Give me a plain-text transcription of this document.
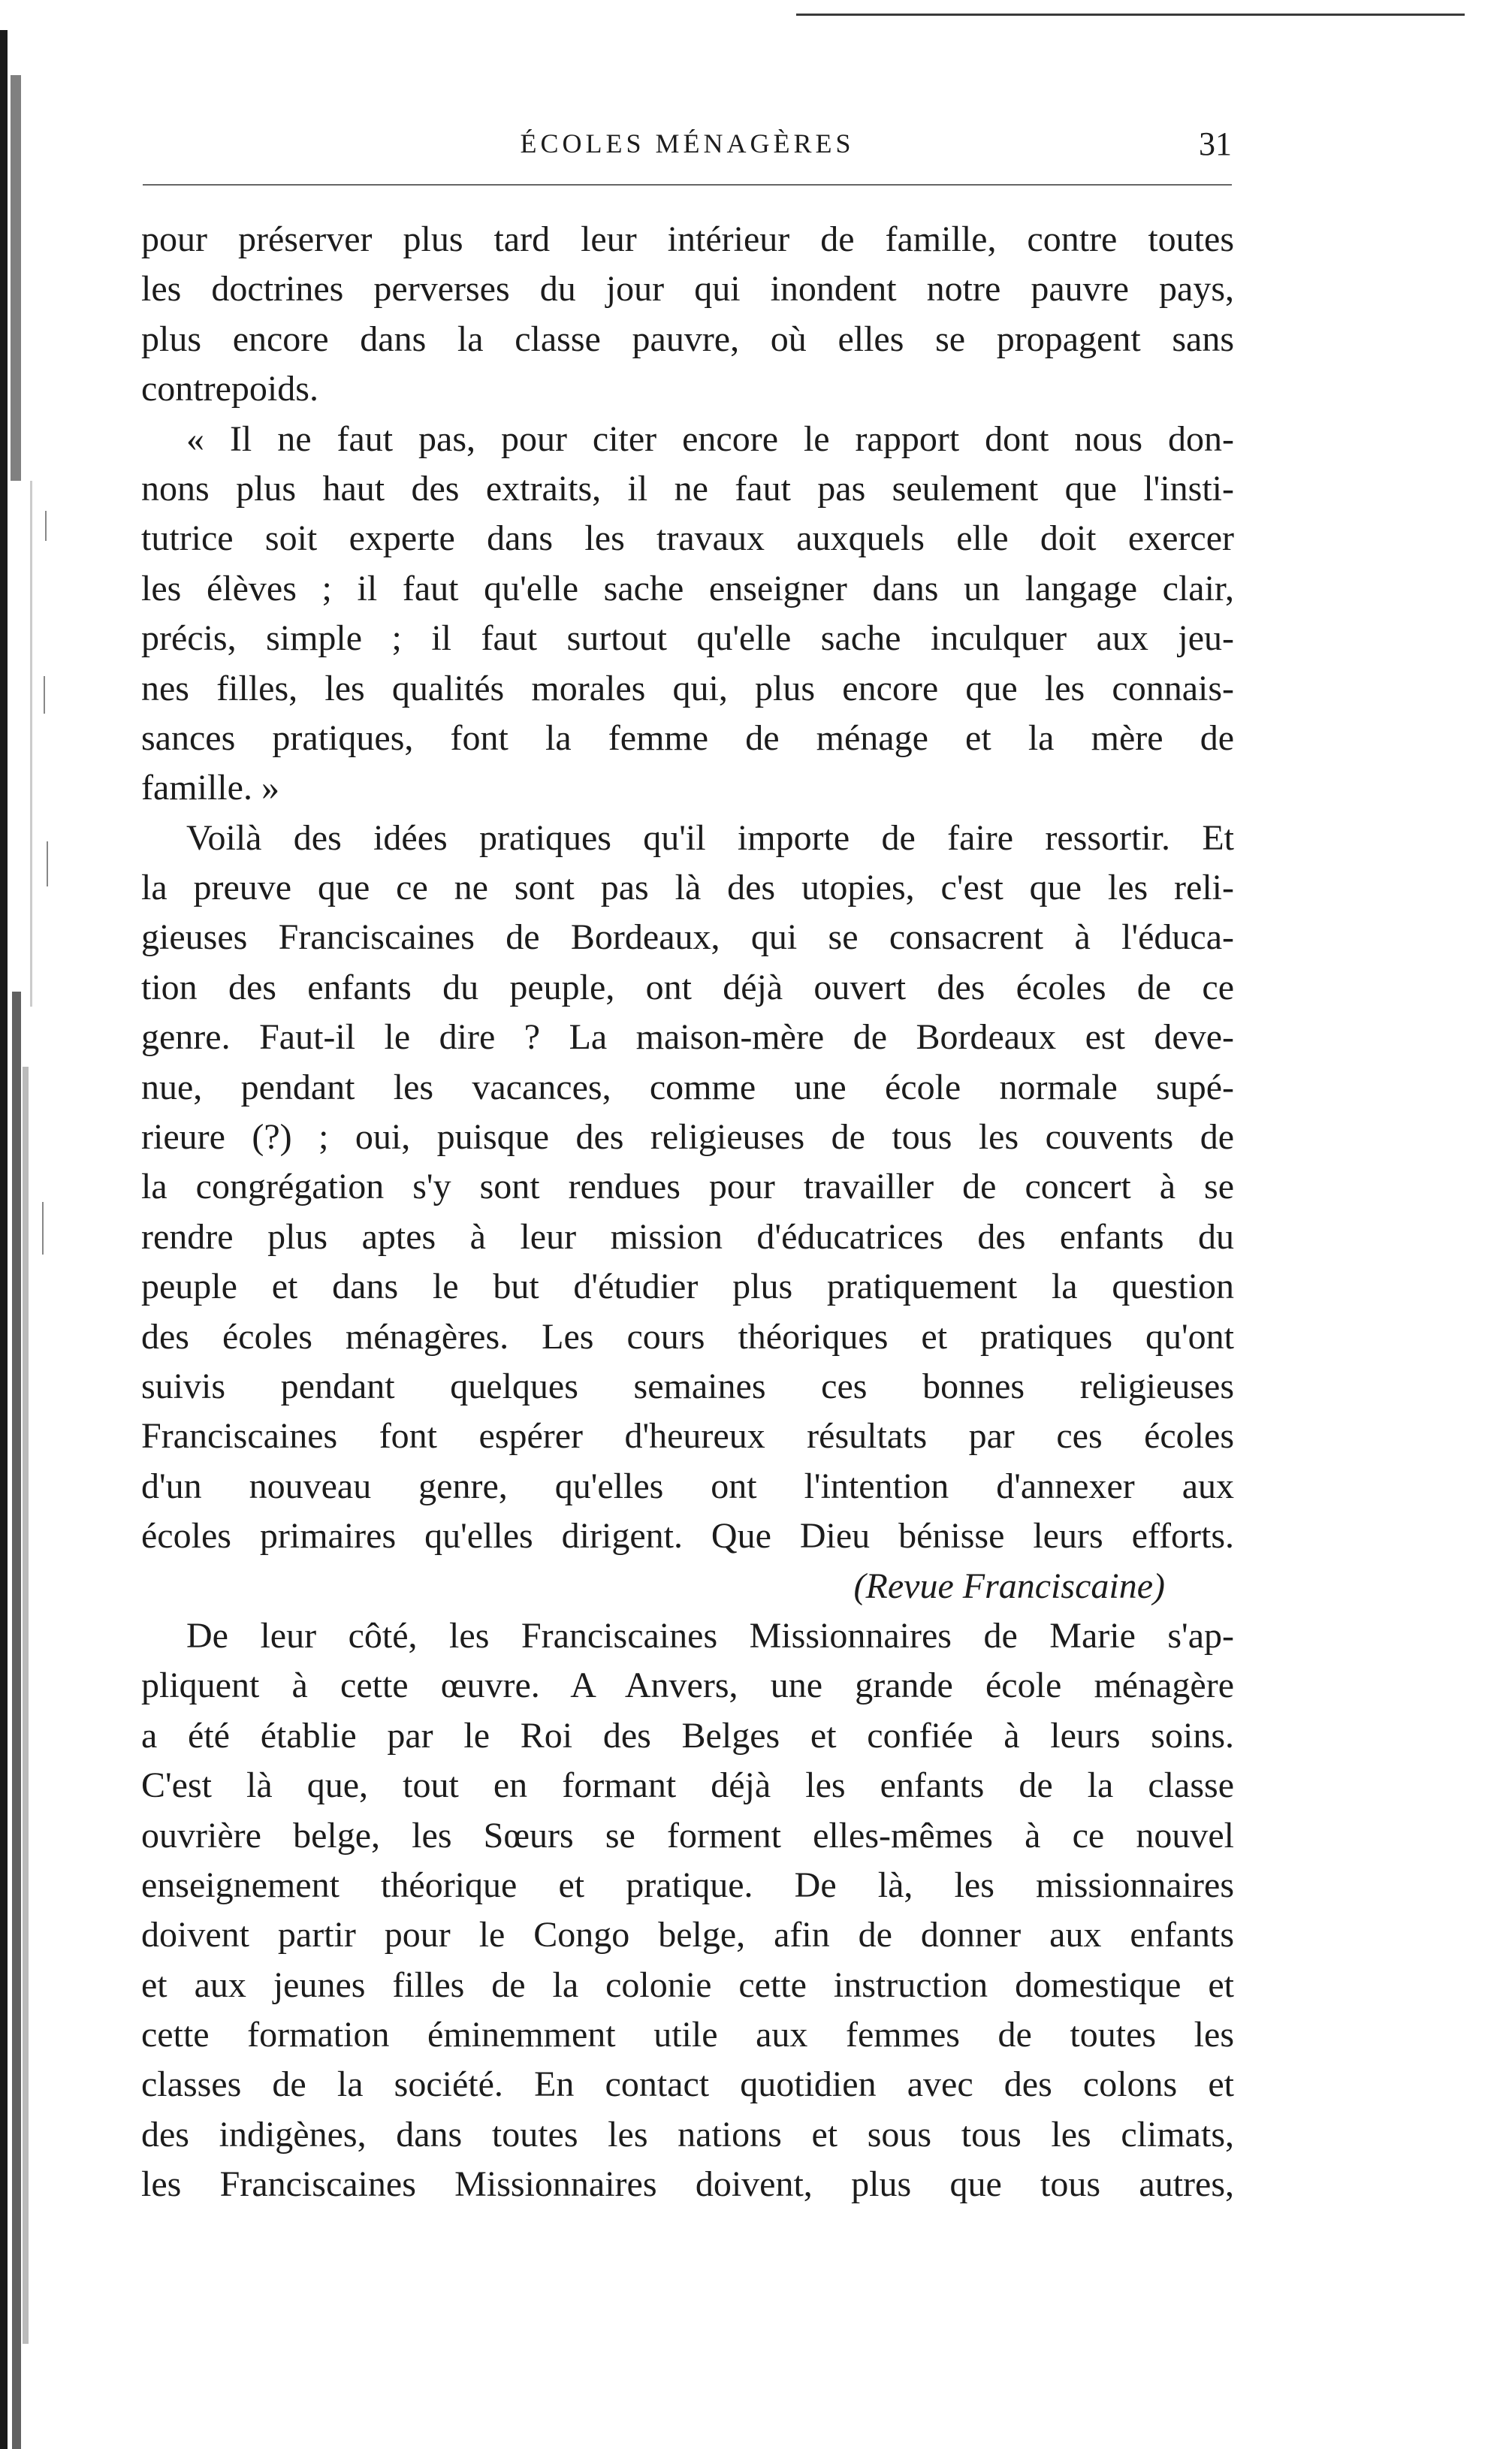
ÉCOLES MÉNAGÈRES	31
pour préserver plus tard leur intérieur de famille, contre toutes
les doctrines perverses du jour qui inondent notre pauvre pays,
plus encore dans la classe pauvre, où elles se propagent sans
contrepoids.
« Il ne faut pas, pour citer encore le rapport dont nous don-
nons plus haut des extraits, il ne faut pas seulement que l'insti-
tutrice soit experte dans les travaux auxquels elle doit exercer
les élèves ; il faut qu'elle sache enseigner dans un langage clair,
précis, simple ; il faut surtout qu'elle sache inculquer aux jeu-
nes filles, les qualités morales qui, plus encore que les connais-
sances pratiques, font la femme de ménage et la mère de
famille. »
Voilà des idées pratiques qu'il importe de faire ressortir. Et
la preuve que ce ne sont pas là des utopies, c'est que les reli-
gieuses Franciscaines de Bordeaux, qui se consacrent à l'éduca-
tion des enfants du peuple, ont déjà ouvert des écoles de ce
genre. Faut-il le dire ? La maison-mère de Bordeaux est deve-
nue, pendant les vacances, comme une école normale supé-
rieure (?) ; oui, puisque des religieuses de tous les couvents de
la congrégation s'y sont rendues pour travailler de concert à se
rendre plus aptes à leur mission d'éducatrices des enfants du
peuple et dans le but d'étudier plus pratiquement la question
des écoles ménagères. Les cours théoriques et pratiques qu'ont
suivis pendant quelques semaines ces bonnes religieuses
Franciscaines font espérer d'heureux résultats par ces écoles
d'un nouveau genre, qu'elles ont l'intention d'annexer aux
écoles primaires qu'elles dirigent. Que Dieu bénisse leurs efforts.
(Revue Franciscaine)
De leur côté, les Franciscaines Missionnaires de Marie s'ap-
pliquent à cette œuvre. A Anvers, une grande école ménagère
a été établie par le Roi des Belges et confiée à leurs soins.
C'est là que, tout en formant déjà les enfants de la classe
ouvrière belge, les Sœurs se forment elles-mêmes à ce nouvel
enseignement théorique et pratique. De là, les missionnaires
doivent partir pour le Congo belge, afin de donner aux enfants
et aux jeunes filles de la colonie cette instruction domestique et
cette formation éminemment utile aux femmes de toutes les
classes de la société. En contact quotidien avec des colons et
des indigènes, dans toutes les nations et sous tous les climats,
les Franciscaines Missionnaires doivent, plus que tous autres,
